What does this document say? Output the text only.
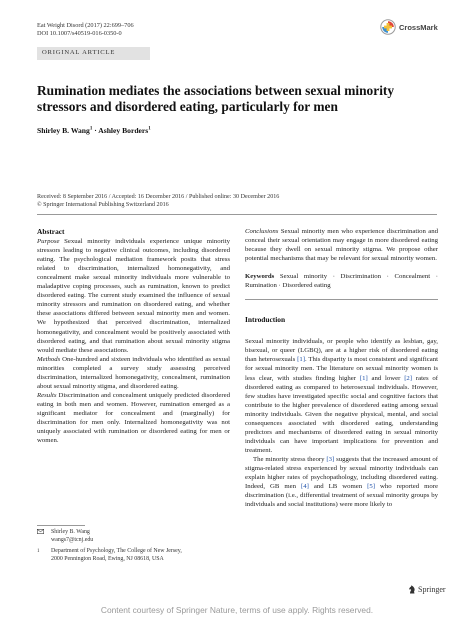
Eat Weight Disord (2017) 22:699–706
DOI 10.1007/s40519-016-0350-0
CrossMark
ORIGINAL ARTICLE
Rumination mediates the associations between sexual minority stressors and disordered eating, particularly for men
Shirley B. Wang$^1$ · Ashley Borders$^1$
Received: 8 September 2016 / Accepted: 16 December 2016 / Published online: 30 December 2016
© Springer International Publishing Switzerland 2016
Abstract

Purpose Sexual minority individuals experience unique minority stressors leading to negative clinical outcomes, including disordered eating. The psychological mediation framework posits that stress related to discrimination, internalized homonegativity, and concealment make sexual minority individuals more vulnerable to maladaptive coping processes, such as rumination, known to predict disordered eating. The current study examined the influence of sexual minority stressors and rumination on disordered eating, and whether these associations differed between sexual minority men and women. We hypothesized that perceived discrimination, internalized homonegativity, and concealment would be positively associated with disordered eating, and that rumination about sexual minority stigma would mediate these associations.

Methods One-hundred and sixteen individuals who identified as sexual minorities completed a survey study assessing perceived discrimination, internalized homonegativity, concealment, rumination about sexual minority stigma, and disordered eating.

Results Discrimination and concealment uniquely predicted disordered eating in both men and women. However, rumination emerged as a significant mediator for concealment and (marginally) for discrimination for men only. Internalized homonegativity was not uniquely associated with rumination or disordered eating for men or women.

Conclusions Sexual minority men who experience discrimination and conceal their sexual orientation may engage in more disordered eating because they dwell on sexual minority stigma. We propose other potential mechanisms that may be relevant for sexual minority women.

Keywords Sexual minority · Discrimination · Concealment · Rumination · Disordered eating

Introduction

Sexual minority individuals, or people who identify as lesbian, gay, bisexual, or queer (LGBQ), are at a higher risk of disordered eating than heterosexuals [1]. This disparity is most consistent and significant for sexual minority men. The literature on sexual minority women is less clear, with studies finding higher [1] and lower [2] rates of disordered eating as compared to heterosexual individuals. However, few studies have investigated specific social and cognitive factors that contribute to the higher prevalence of disordered eating among sexual minority individuals. Given the negative physical, mental, and social consequences associated with disordered eating, understanding predictors and mechanisms of disordered eating in sexual minority individuals can have important implications for prevention and treatment.

The minority stress theory [3] suggests that the increased amount of stigma-related stress experienced by sexual minority individuals can explain higher rates of psychopathology, including disordered eating. Indeed, GB men [4] and LB women [5] who reported more discrimination (i.e., differential treatment of sexual minority groups by individuals and social institutions) were more likely to

Shirley B. Wang
wangs7@tcnj.edu
1	Department of Psychology, The College of New Jersey,
2000 Pennington Road, Ewing, NJ 08618, USA
Springer
Content courtesy of Springer Nature, terms of use apply. Rights reserved.
